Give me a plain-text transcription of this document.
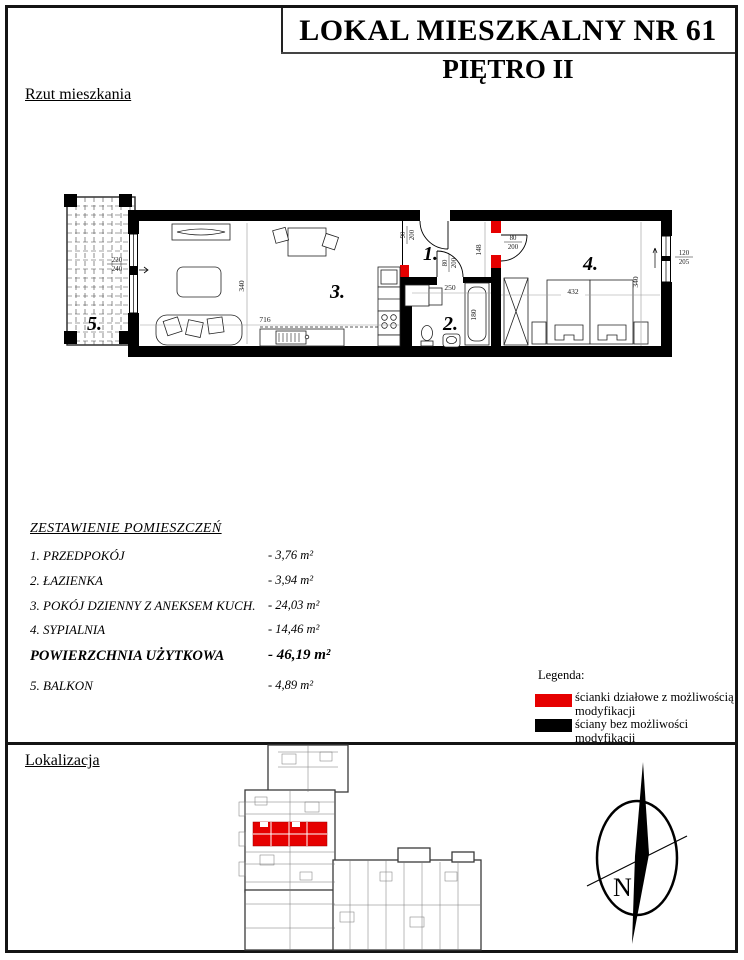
LOKAL MIESZKALNY NR 61
PIĘTRO II
Rzut mieszkania
340
716
148
250
180
432
340
90 200
80 200
80
200
120
205
220
240
1.
2.
3.
4.
5.
ZESTAWIENIE POMIESZCZEŃ
1. PRZEDPOKÓJ	- 3,76 m²
2. ŁAZIENKA	- 3,94 m²
3. POKÓJ DZIENNY Z ANEKSEM KUCH. - 24,03 m²
4. SYPIALNIA	- 14,46 m²
POWIERZCHNIA UŻYTKOWA	- 46,19 m²
5. BALKON	- 4,89 m²
Legenda:
ścianki działowe z możliwością modyfikacji
ściany bez możliwości modyfikacji
Lokalizacja
N
